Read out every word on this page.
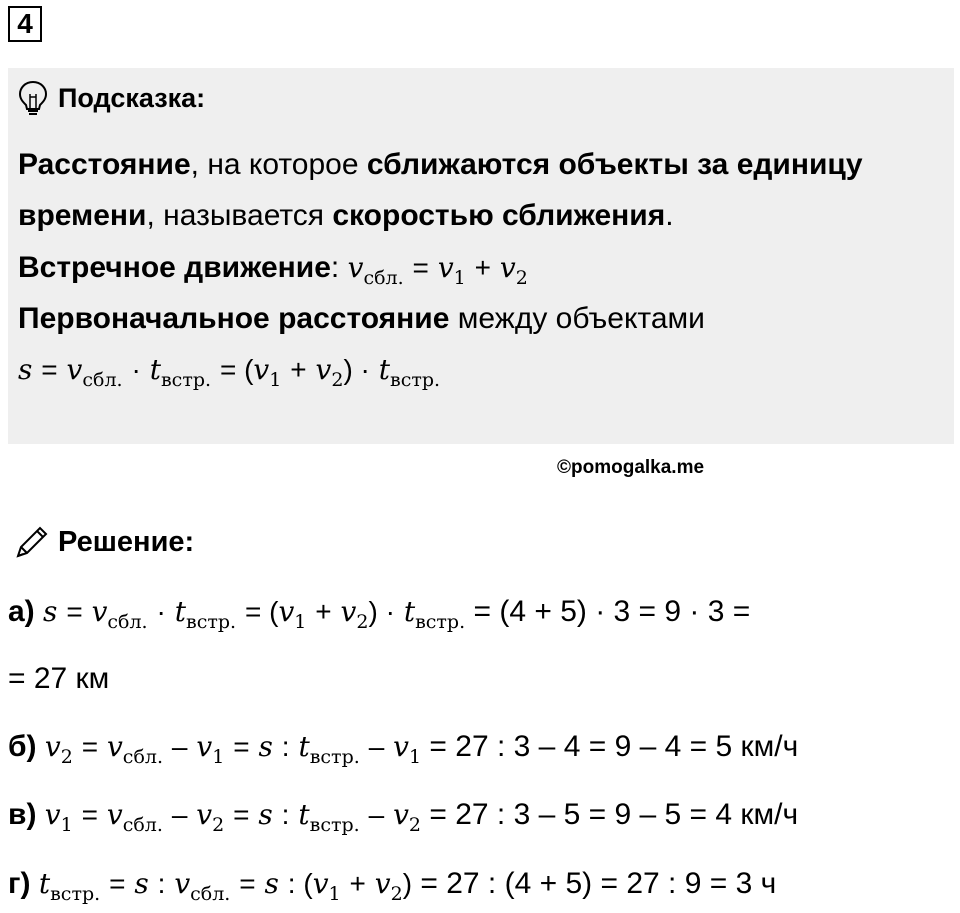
4
Подсказка:
Расстояние, на которое сближаются объекты за единицу
времени, называется скоростью сближения.
Встречное движение: $v_{сбл.} = v_1 + v_2$
Первоначальное расстояние между объектами
$s = v_{сбл.} \cdot t_{встр.} = (v_1 + v_2) \cdot t_{встр.}$
©pomogalka.me
Решение:
а) $s = v_{сбл.} \cdot t_{встр.} = (v_1 + v_2) \cdot t_{встр.} = (4 + 5) \cdot 3 = 9 \cdot 3$ =
= 27 км
б) $v_2 = v_{сбл.} - v_1 = s$ : $t_{встр.} - v_1 = 27$ : 3 – 4 = 9 – 4 = 5 км/ч
в) $v_1 = v_{сбл.} - v_2 = s$ : $t_{встр.} - v_2 = 27$ : 3 – 5 = 9 – 5 = 4 км/ч
г) $t_{встр.} = s$ : $v_{сбл.} = s$ : $(v_1 + v_2) = 27$ : (4 + 5) = 27 : 9 = 3 ч
